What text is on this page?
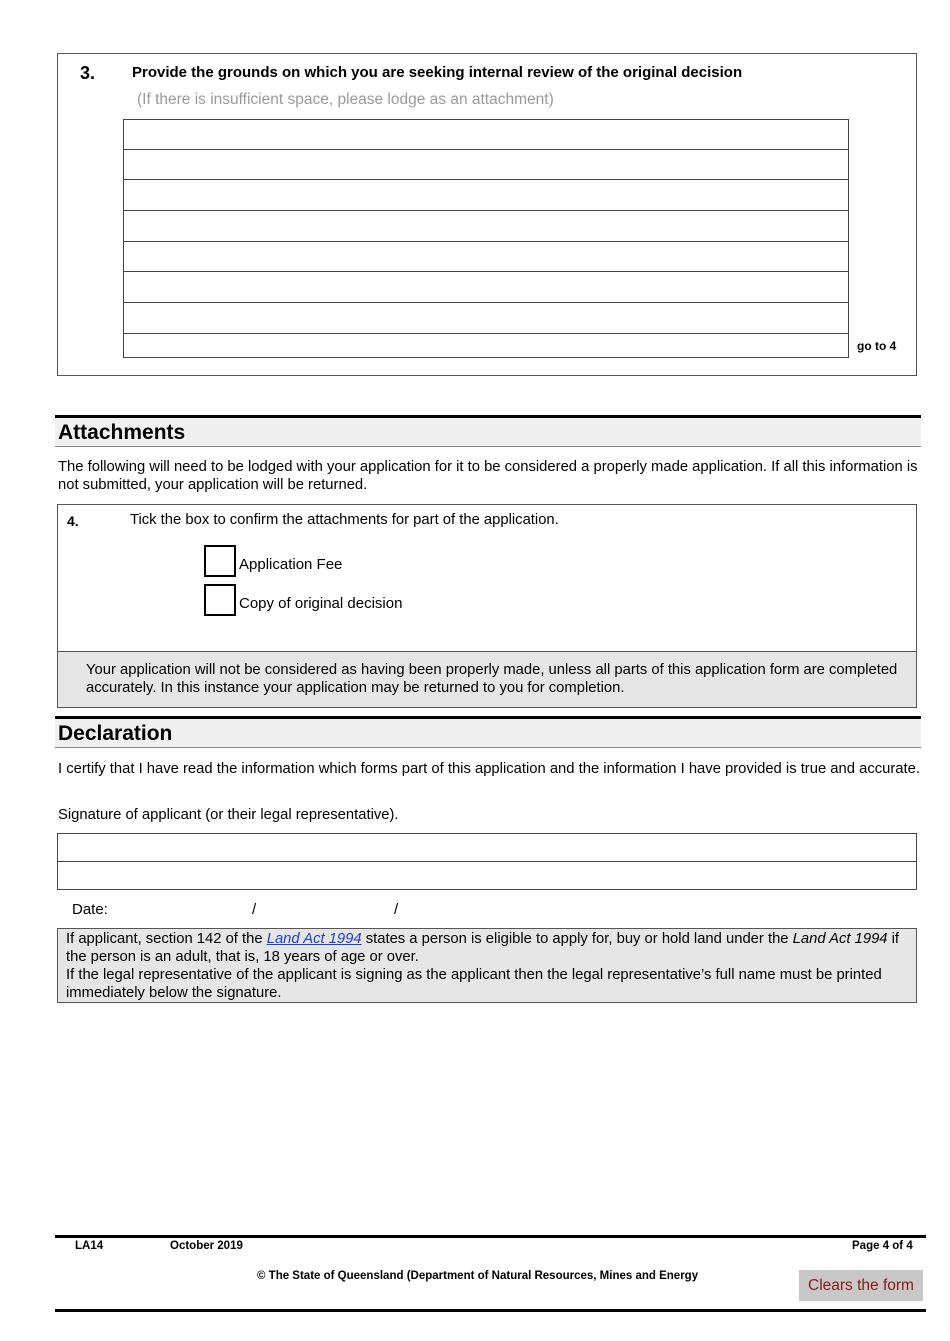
3. Provide the grounds on which you are seeking internal review of the original decision
(If there is insufficient space, please lodge as an attachment)
go to 4
Attachments
The following will need to be lodged with your application for it to be considered a properly made application. If all this information is not submitted, your application will be returned.
4.	Tick the box to confirm the attachments for part of the application.
Application Fee
Copy of original decision
Your application will not be considered as having been properly made, unless all parts of this application form are completed accurately. In this instance your application may be returned to you for completion.
Declaration
I certify that I have read the information which forms part of this application and the information I have provided is true and accurate.
Signature of applicant (or their legal representative).
Date:	/	/
If applicant, section 142 of the Land Act 1994 states a person is eligible to apply for, buy or hold land under the Land Act 1994 if the person is an adult, that is, 18 years of age or over.
If the legal representative of the applicant is signing as the applicant then the legal representative’s full name must be printed immediately below the signature.
LA14	October 2019	Page 4 of 4
© The State of Queensland (Department of Natural Resources, Mines and Energy
Clears the form
